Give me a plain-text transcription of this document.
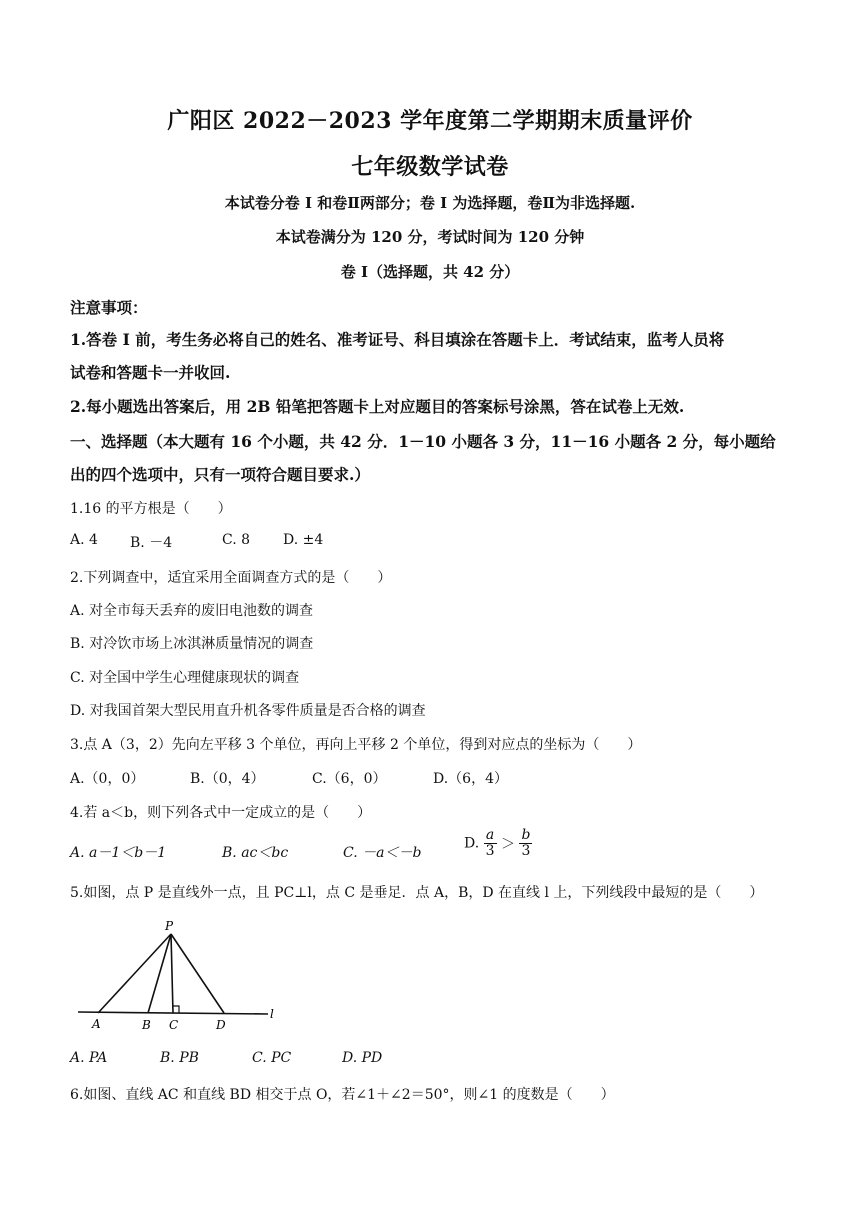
广阳区 2022－2023 学年度第二学期期末质量评价
七年级数学试卷
本试卷分卷 I 和卷Ⅱ两部分；卷 I 为选择题，卷Ⅱ为非选择题.
本试卷满分为 120 分，考试时间为 120 分钟
卷 I（选择题，共 42 分）
注意事项：
1.答卷 I 前，考生务必将自己的姓名、准考证号、科目填涂在答题卡上．考试结束，监考人员将
试卷和答题卡一并收回.
2.每小题选出答案后，用 2B 铅笔把答题卡上对应题目的答案标号涂黑，答在试卷上无效.
一、选择题（本大题有 16 个小题，共 42 分．1－10 小题各 3 分，11－16 小题各 2 分，每小题给
出的四个选项中，只有一项符合题目要求.）
1.16 的平方根是（　　）
A. 4 B. －4	C. 8 D. ±4
2.下列调查中，适宜采用全面调查方式的是（　　）
A. 对全市每天丢弃的废旧电池数的调查
B. 对冷饮市场上冰淇淋质量情况的调查
C. 对全国中学生心理健康现状的调查
D. 对我国首架大型民用直升机各零件质量是否合格的调查
3.点 A（3，2）先向左平移 3 个单位，再向上平移 2 个单位，得到对应点的坐标为（　　）
A.（0，0）	B.（0，4）	C.（6，0）	D.（6，4）
4.若 a＜b，则下列各式中一定成立的是（　　）
A. a－1＜b－1	B. ac＜bc	C. －a＜－b
D. $\frac{a}{3} > \frac{b}{3}$
5.如图，点 P 是直线外一点，且 PC⊥l，点 C 是垂足．点 A，B，D 在直线 l 上，下列线段中最短的是（　　）
P
A	B C	D
l
A. PA	B. PB	C. PC	D. PD
6.如图、直线 AC 和直线 BD 相交于点 O，若∠1＋∠2＝50°，则∠1 的度数是（　　）
